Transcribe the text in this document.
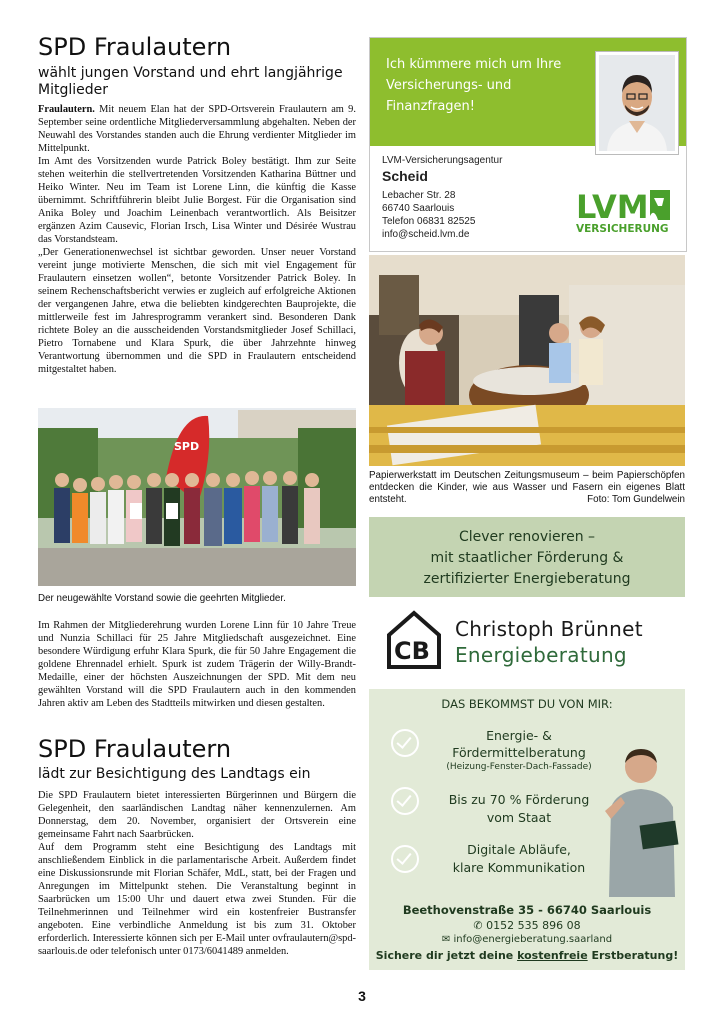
SPD Fraulautern
wählt jungen Vorstand und ehrt langjährige Mitglieder

Fraulautern. Mit neuem Elan hat der SPD-Ortsverein Fraulautern am 9. September seine ordentliche Mitgliederversammlung abgehalten. Neben der Neuwahl des Vorstandes standen auch die Ehrung verdienter Mitglieder im Mittelpunkt.

Im Amt des Vorsitzenden wurde Patrick Boley bestätigt. Ihm zur Seite stehen weiterhin die stellvertretenden Vorsitzenden Katharina Büttner und Heiko Winter. Neu im Team ist Lorene Linn, die künftig die Kasse übernimmt. Schriftführerin bleibt Julie Borgest. Für die Organisation sind Anika Boley und Joachim Leinenbach verantwortlich. Als Beisitzer ergänzen Azim Causevic, Florian Irsch, Lisa Winter und Désirée Wustrau das Vorstandsteam.

„Der Generationenwechsel ist sichtbar geworden. Unser neuer Vorstand vereint junge motivierte Menschen, die sich mit viel Engagement für Fraulautern einsetzen wollen“, betonte Vorsitzender Patrick Boley. In seinem Rechenschaftsbericht verwies er zugleich auf erfolgreiche Aktionen der vergangenen Jahre, etwa die beliebten kindgerechten Bauprojekte, die mittlerweile fest im Jahresprogramm verankert sind. Besonderen Dank richtete Boley an die ausscheidenden Vorstandsmitglieder Josef Schillaci, Pietro Tornabene und Klara Spurk, die über Jahrzehnte hinweg Verantwortung übernommen und die SPD in Fraulautern entscheidend mitgestaltet haben.

SPD
Der neugewählte Vorstand sowie die geehrten Mitglieder.

Im Rahmen der Mitgliederehrung wurden Lorene Linn für 10 Jahre Treue und Nunzia Schillaci für 25 Jahre Mitgliedschaft ausgezeichnet. Eine besondere Würdigung erfuhr Klara Spurk, die für 50 Jahre Engagement die goldene Ehrennadel erhielt. Spurk ist zudem Trägerin der Willy-Brandt-Medaille, einer der höchsten Auszeichnungen der SPD. Mit dem neu gewählten Vorstand will die SPD Fraulautern auch in den kommenden Jahren aktiv am Leben des Stadtteils mitwirken und diesen gestalten.

SPD Fraulautern
lädt zur Besichtigung des Landtags ein

Die SPD Fraulautern bietet interessierten Bürgerinnen und Bürgern die Gelegenheit, den saarländischen Landtag näher kennenzulernen. Am Donnerstag, dem 20. November, organisiert der Ortsverein eine gemeinsame Fahrt nach Saarbrücken.

Auf dem Programm steht eine Besichtigung des Landtags mit anschließendem Einblick in die parlamentarische Arbeit. Außerdem findet eine Diskussionsrunde mit Florian Schäfer, MdL, statt, bei der Fragen und Anregungen im Mittelpunkt stehen. Die Veranstaltung beginnt in Saarbrücken um 15:00 Uhr und dauert etwa zwei Stunden. Für die Teilnehmerinnen und Teilnehmer wird ein kostenfreier Bustransfer angeboten. Eine verbindliche Anmeldung ist bis zum 31. Oktober erforderlich. Interessierte können sich per E-Mail unter ovfraulautern@spd-saarlouis.de oder telefonisch unter 0173/6041489 anmelden.

Ich kümmere mich um Ihre Versicherungs- und Finanzfragen!
LVM-Versicherungsagentur
Scheid
Lebacher Str. 28
66740 Saarlouis
Telefon 06831 82525
info@scheid.lvm.de
LVM
VERSICHERUNG
Papierwerkstatt im Deutschen Zeitungsmuseum – beim Papierschöpfen entdecken die Kinder, wie aus Wasser und Fasern ein eigenes Blatt entsteht.	Foto: Tom Gundelwein
Clever renovieren –
mit staatlicher Förderung &
zertifizierter Energieberatung
CB
Christoph Brünnet
Energieberatung
DAS BEKOMMST DU VON MIR:
Energie- &
Fördermittelberatung
(Heizung-Fenster-Dach-Fassade)
Bis zu 70 % Förderung
vom Staat
Digitale Abläufe,
klare Kommunikation
Beethovenstraße 35 - 66740 Saarlouis
✆ 0152 535 896 08
✉ info@energieberatung.saarland
Sichere dir jetzt deine kostenfreie Erstberatung!
3
